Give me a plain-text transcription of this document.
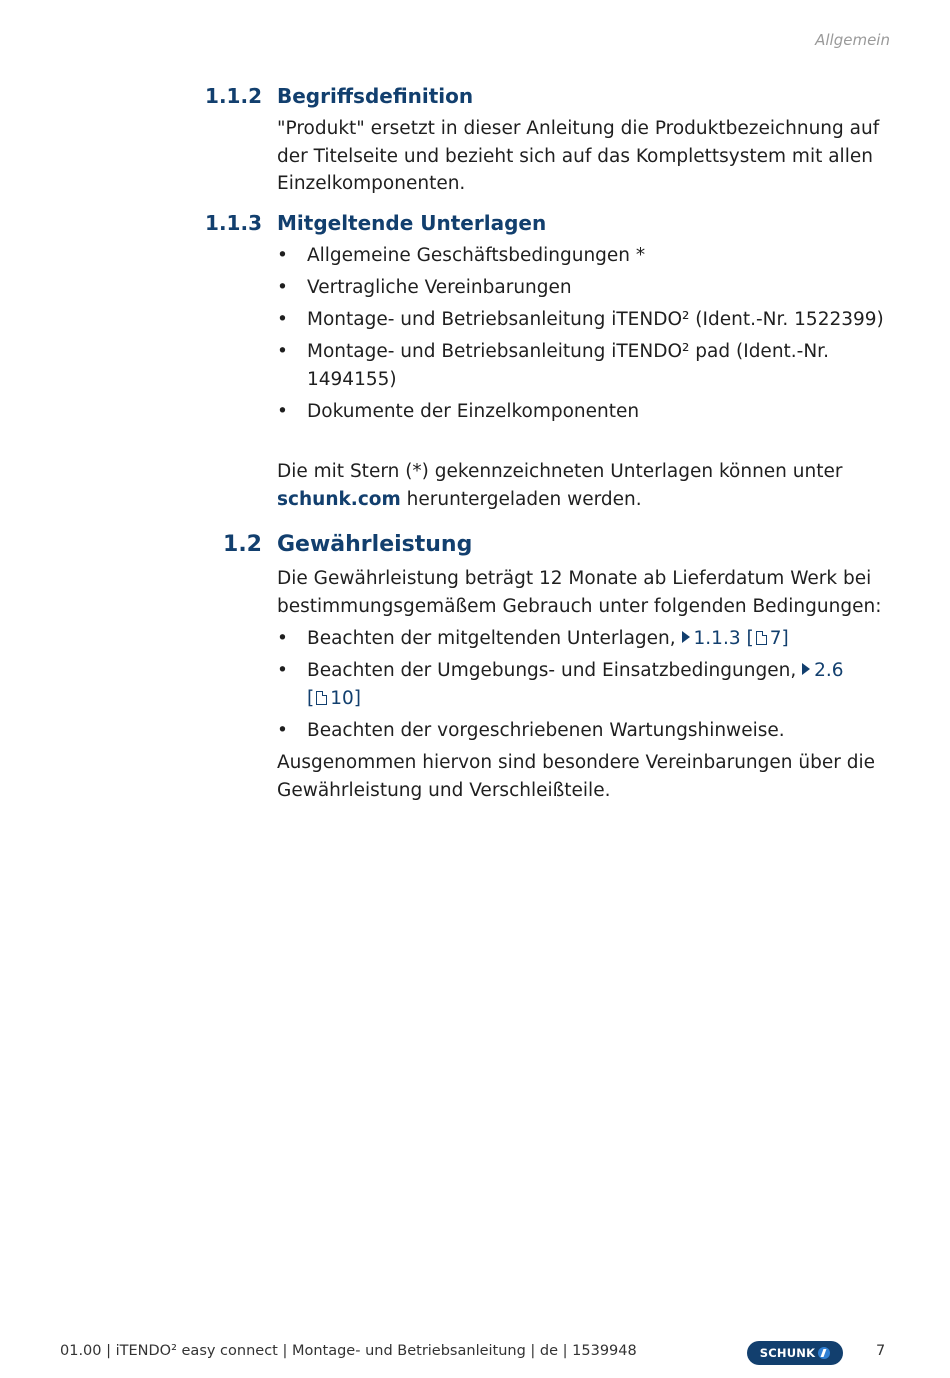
Allgemein
1.1.2 Begriffsdefinition
"Produkt" ersetzt in dieser Anleitung die Produktbezeichnung auf der Titelseite und bezieht sich auf das Komplettsystem mit allen Einzelkomponenten.
1.1.3 Mitgeltende Unterlagen
• Allgemeine Geschäftsbedingungen *
• Vertragliche Vereinbarungen
• Montage- und Betriebsanleitung iTENDO² (Ident.-Nr. 1522399)
• Montage- und Betriebsanleitung iTENDO² pad (Ident.-Nr. 1494155)
• Dokumente der Einzelkomponenten
Die mit Stern (*) gekennzeichneten Unterlagen können unter schunk.com heruntergeladen werden.
1.2 Gewährleistung
Die Gewährleistung beträgt 12 Monate ab Lieferdatum Werk bei bestimmungsgemäßem Gebrauch unter folgenden Bedingungen:
• Beachten der mitgeltenden Unterlagen, 1.1.3 [ 7]
• Beachten der Umgebungs- und Einsatzbedingungen, 2.6
[ 10]
• Beachten der vorgeschriebenen Wartungshinweise.
Ausgenommen hiervon sind besondere Vereinbarungen über die Gewährleistung und Verschleißteile.
01.00 | iTENDO² easy connect | Montage- und Betriebsanleitung | de | 1539948	SCHUNK	7
